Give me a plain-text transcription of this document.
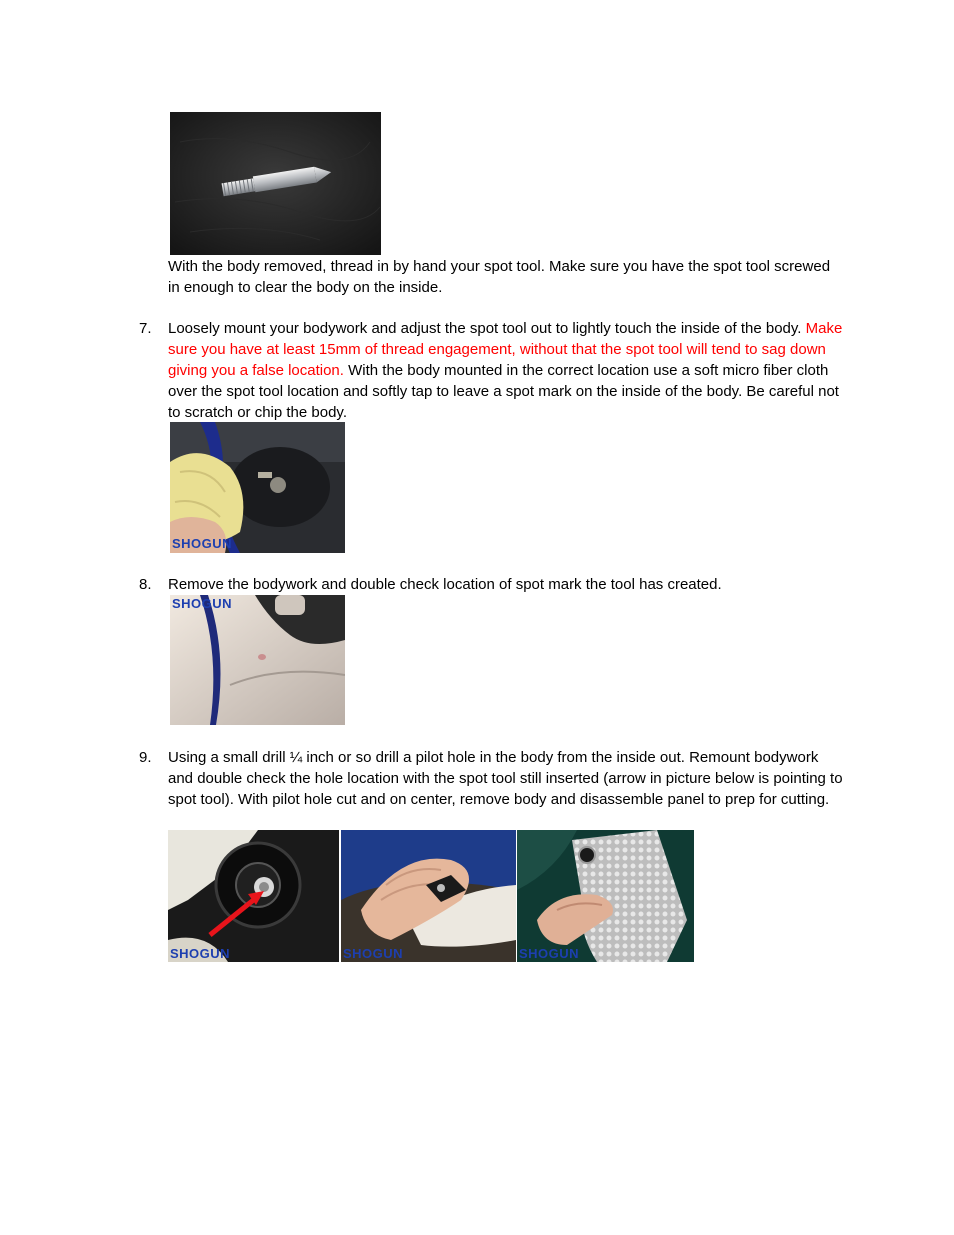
With the body removed, thread in by hand your spot tool. Make sure you have the spot tool screwed in enough to clear the body on the inside.

7.	Loosely mount your bodywork and adjust the spot tool out to lightly touch the inside of the body. Make sure you have at least 15mm of thread engagement, without that the spot tool will tend to sag down giving you a false location. With the body mounted in the correct location use a soft micro fiber cloth over the spot tool location and softly tap to leave a spot mark on the inside of the body. Be careful not to scratch or chip the body.

SHOGUN
8.	Remove the bodywork and double check location of spot mark the tool has created.

SHOGUN
9.	Using a small drill ¼ inch or so drill a pilot hole in the body from the inside out. Remount bodywork and double check the hole location with the spot tool still inserted (arrow in picture below is pointing to spot tool). With pilot hole cut and on center, remove body and disassemble panel to prep for cutting.

SHOGUN	SHOGUN	SHOGUN
